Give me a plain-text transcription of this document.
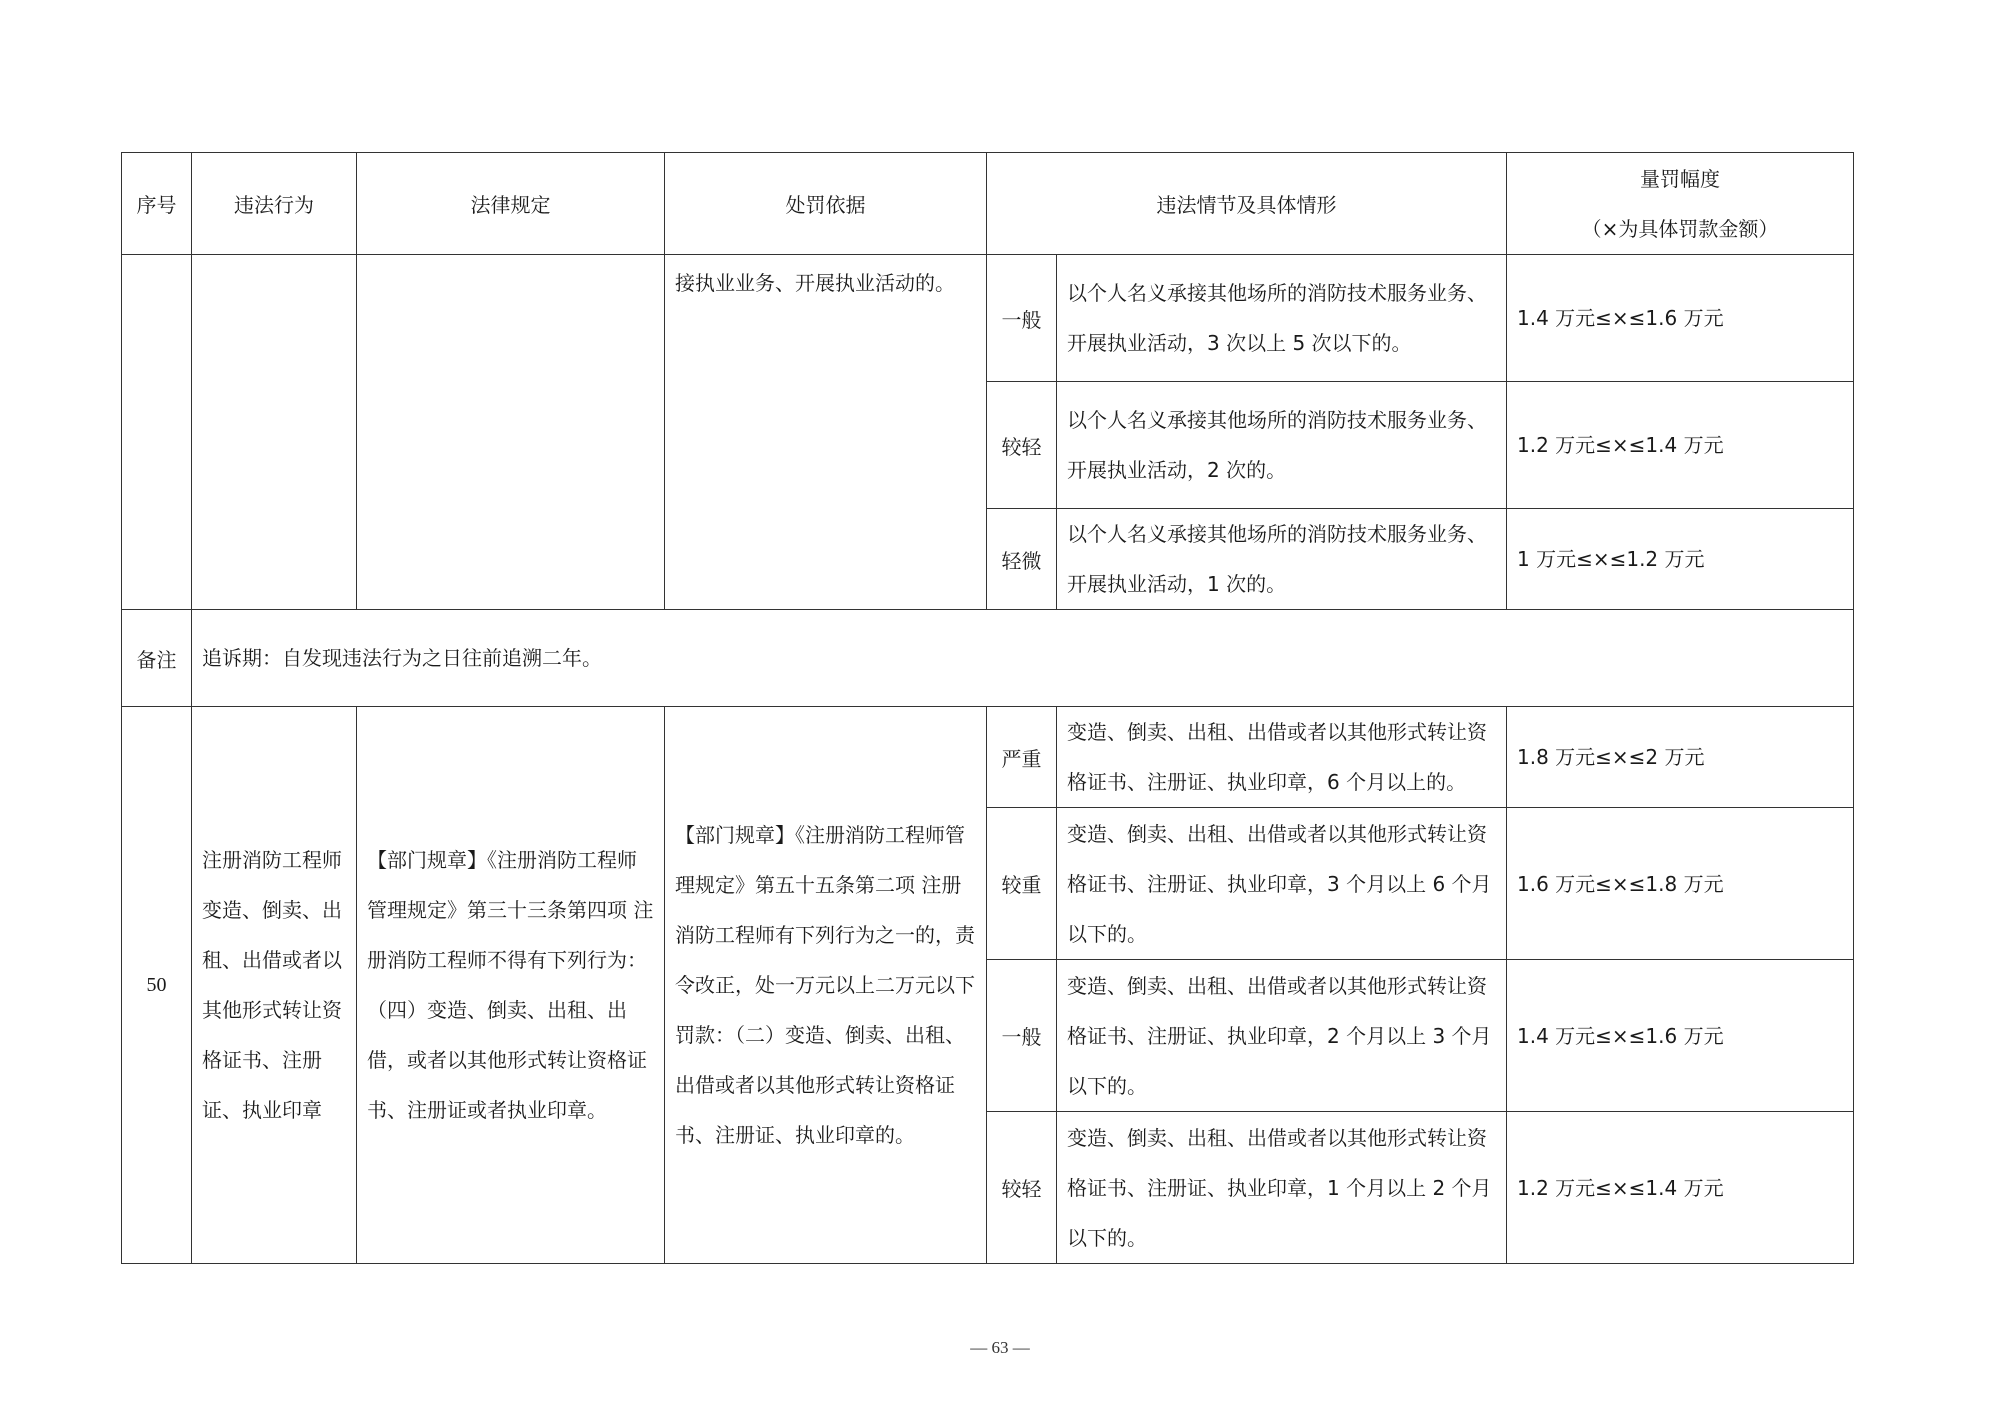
序号	违法行为	法律规定	处罚依据	违法情节及具体情形		量罚幅度
（×为具体罚款金额）

			接执业业务、开展执业活动的。	一般	以个人名义承接其他场所的消防技术服务业务、开展执业活动，3 次以上 5 次以下的。	1.4 万元≤×≤1.6 万元
				较轻	以个人名义承接其他场所的消防技术服务业务、开展执业活动，2 次的。	1.2 万元≤×≤1.4 万元
				轻微	以个人名义承接其他场所的消防技术服务业务、开展执业活动，1 次的。	1 万元≤×≤1.2 万元
备注	追诉期：自发现违法行为之日往前追溯二年。					
50	注册消防工程师变造、倒卖、出租、出借或者以其他形式转让资格证书、注册证、执业印章	【部门规章】《注册消防工程师管理规定》第三十三条第四项 注册消防工程师不得有下列行为：（四）变造、倒卖、出租、出借，或者以其他形式转让资格证书、注册证或者执业印章。	【部门规章】《注册消防工程师管理规定》第五十五条第二项 注册消防工程师有下列行为之一的，责令改正，处一万元以上二万元以下罚款：（二）变造、倒卖、出租、出借或者以其他形式转让资格证书、注册证、执业印章的。	严重	变造、倒卖、出租、出借或者以其他形式转让资格证书、注册证、执业印章，6 个月以上的。	1.8 万元≤×≤2 万元
				较重	变造、倒卖、出租、出借或者以其他形式转让资格证书、注册证、执业印章，3 个月以上 6 个月以下的。	1.6 万元≤×≤1.8 万元
				一般	变造、倒卖、出租、出借或者以其他形式转让资格证书、注册证、执业印章，2 个月以上 3 个月以下的。	1.4 万元≤×≤1.6 万元
				较轻	变造、倒卖、出租、出借或者以其他形式转让资格证书、注册证、执业印章，1 个月以上 2 个月以下的。	1.2 万元≤×≤1.4 万元
— 63 —
